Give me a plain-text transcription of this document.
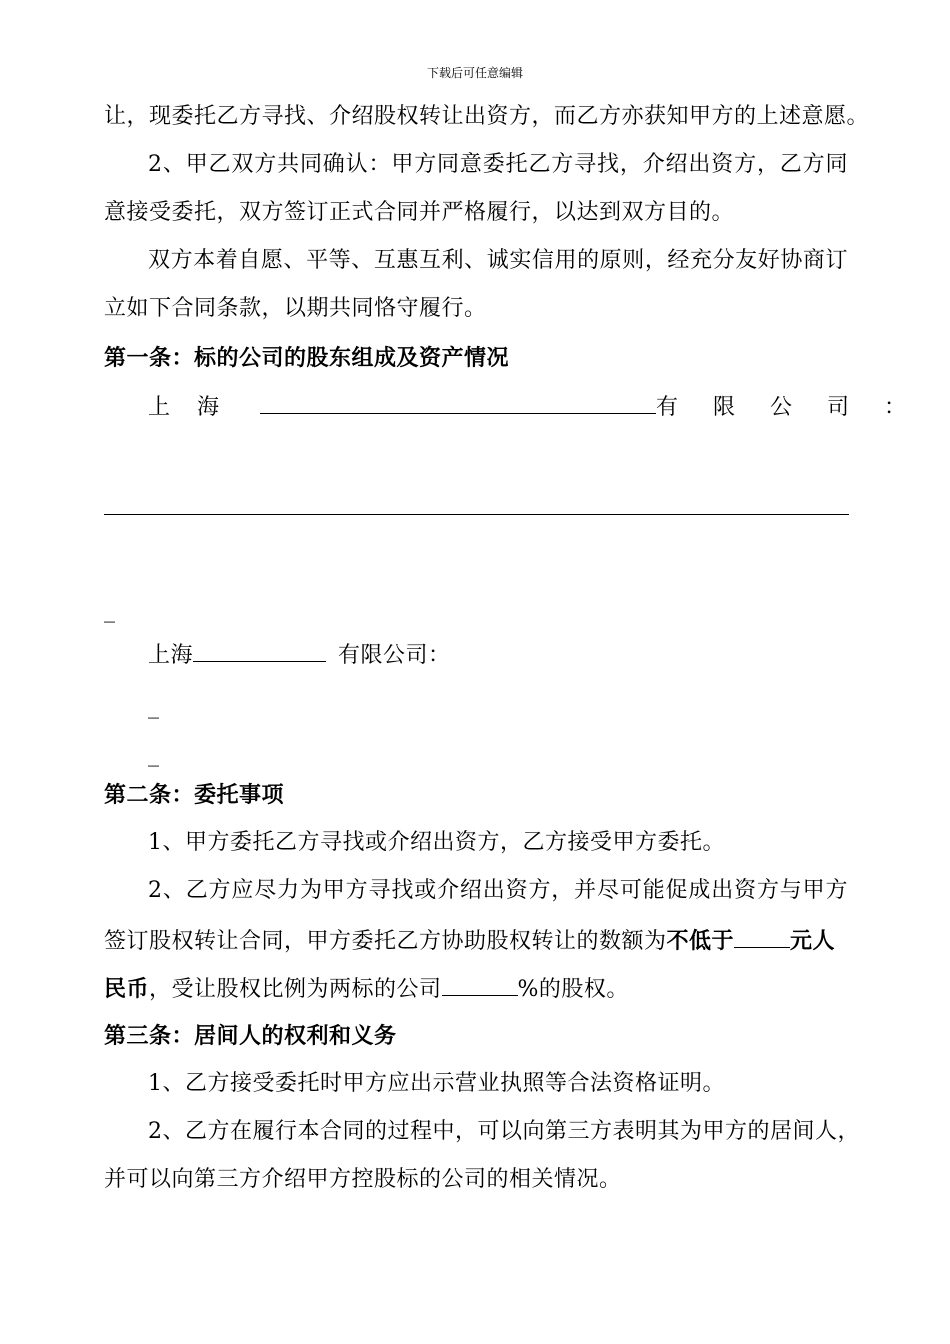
下载后可任意编辑
让，现委托乙方寻找、介绍股权转让出资方，而乙方亦获知甲方的上述意愿。
2、甲乙双方共同确认：甲方同意委托乙方寻找，介绍出资方，乙方同
意接受委托，双方签订正式合同并严格履行，以达到双方目的。
双方本着自愿、平等、互惠互利、诚实信用的原则，经充分友好协商订
立如下合同条款，以期共同恪守履行。
第一条：标的公司的股东组成及资产情况
上 海	有 限 公 司 ：
_
上海	有限公司：
_
_
第二条：委托事项
1、甲方委托乙方寻找或介绍出资方，乙方接受甲方委托。
2、乙方应尽力为甲方寻找或介绍出资方，并尽可能促成出资方与甲方
签订股权转让合同，甲方委托乙方协助股权转让的数额为不低于	元人
民币，受让股权比例为两标的公司	%的股权。
第三条：居间人的权利和义务
1、乙方接受委托时甲方应出示营业执照等合法资格证明。
2、乙方在履行本合同的过程中，可以向第三方表明其为甲方的居间人，
并可以向第三方介绍甲方控股标的公司的相关情况。
